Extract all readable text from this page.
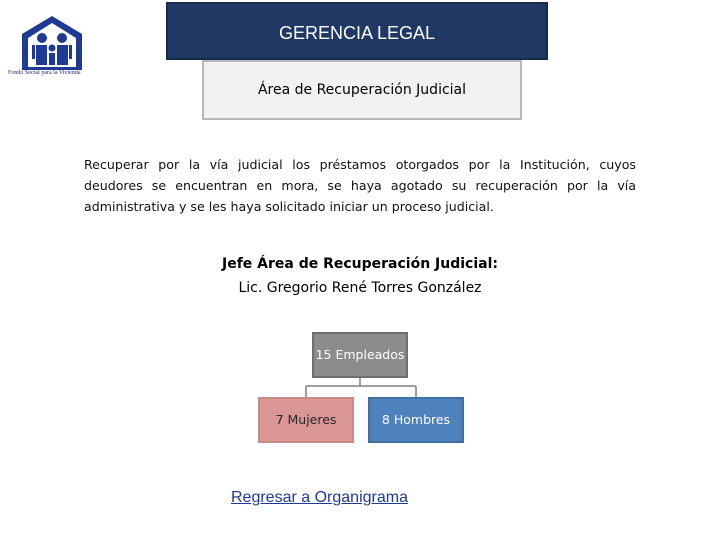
Fondo Social para la Vivienda
GERENCIA LEGAL
Área de Recuperación Judicial
Recuperar por la vía judicial los préstamos otorgados por la Institución, cuyos deudores se encuentran en mora, se haya agotado su recuperación por la vía administrativa y se les haya solicitado iniciar un proceso judicial.
Jefe Área de Recuperación Judicial:
Lic. Gregorio René Torres González
15 Empleados
7 Mujeres	8 Hombres
Regresar a Organigrama
